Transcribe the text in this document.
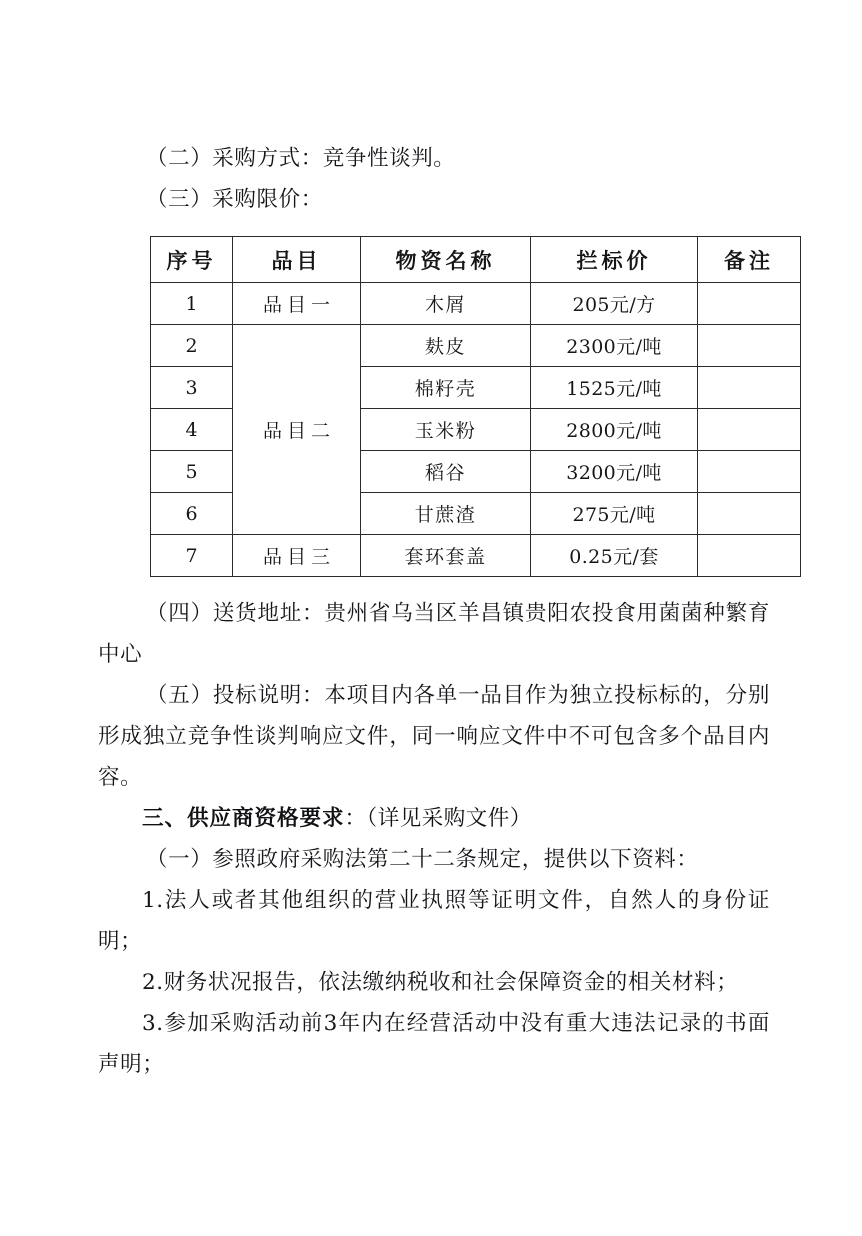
（二）采购方式：竞争性谈判。

（三）采购限价：

序号	品目	物资名称	拦标价	备注
1	品目一	木屑	205元/方	
2	品目二	麸皮	2300元/吨	
3		棉籽壳	1525元/吨	
4		玉米粉	2800元/吨	
5		稻谷	3200元/吨	
6		甘蔗渣	275元/吨	
7	品目三	套环套盖	0.25元/套	

（四）送货地址：贵州省乌当区羊昌镇贵阳农投食用菌菌种繁育中心

（五）投标说明：本项目内各单一品目作为独立投标标的，分别形成独立竞争性谈判响应文件，同一响应文件中不可包含多个品目内容。

三、供应商资格要求：（详见采购文件）

（一）参照政府采购法第二十二条规定，提供以下资料：

1.法人或者其他组织的营业执照等证明文件，自然人的身份证明；

2.财务状况报告，依法缴纳税收和社会保障资金的相关材料；

3.参加采购活动前3年内在经营活动中没有重大违法记录的书面声明；
